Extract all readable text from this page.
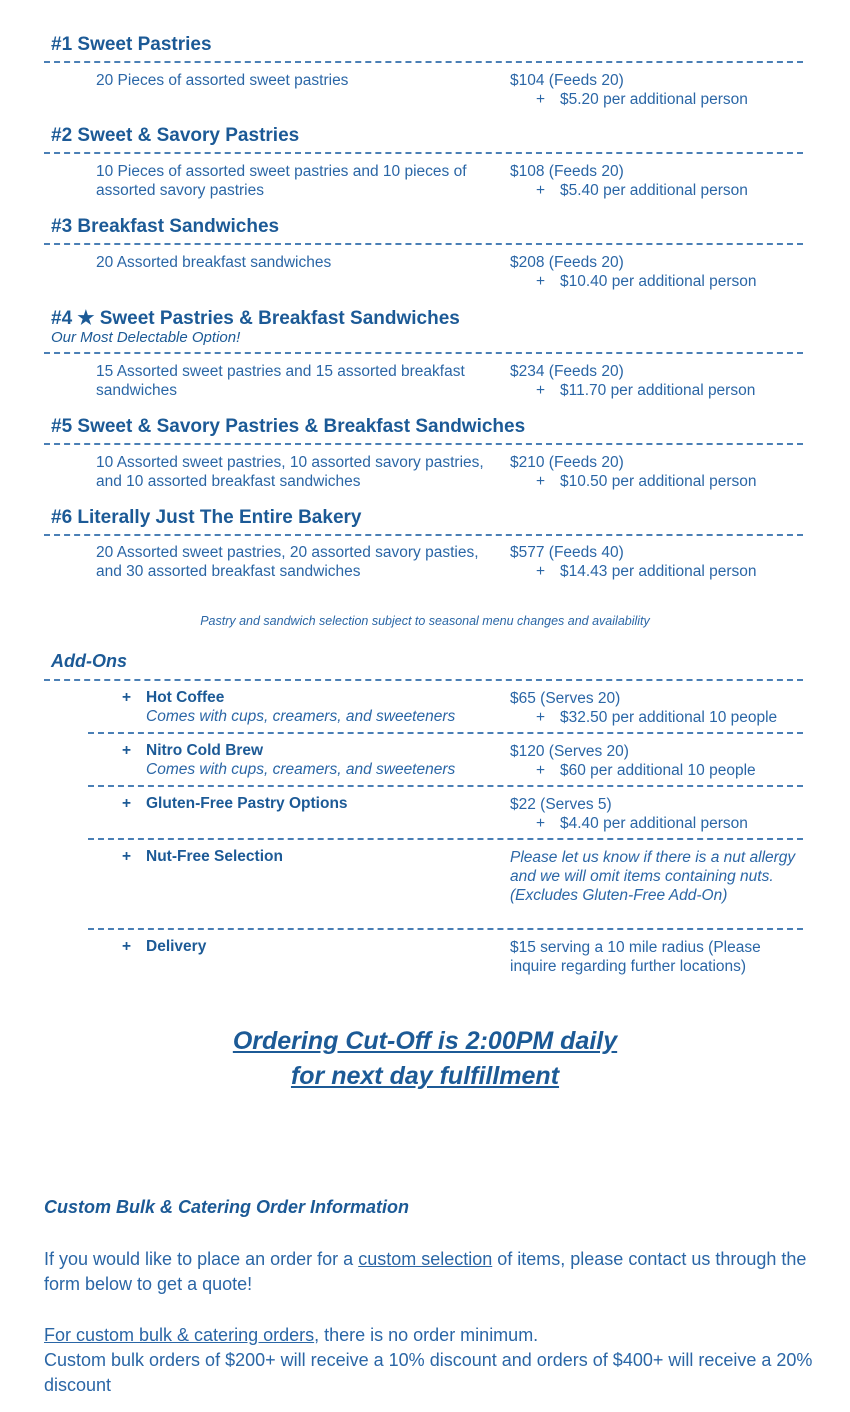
#1 Sweet Pastries
20 Pieces of assorted sweet pastries	$104 (Feeds 20)
+ $5.20 per additional person
#2 Sweet & Savory Pastries
10 Pieces of assorted sweet pastries and 10 pieces of assorted savory pastries
$108 (Feeds 20)
+ $5.40 per additional person
#3 Breakfast Sandwiches
20 Assorted breakfast sandwiches	$208 (Feeds 20)
+ $10.40 per additional person
#4 ★ Sweet Pastries & Breakfast Sandwiches
Our Most Delectable Option!
15 Assorted sweet pastries and 15 assorted breakfast sandwiches
$234 (Feeds 20)
+ $11.70 per additional person
#5 Sweet & Savory Pastries & Breakfast Sandwiches
10 Assorted sweet pastries, 10 assorted savory pastries, and 10 assorted breakfast sandwiches
$210 (Feeds 20)
+ $10.50 per additional person
#6 Literally Just The Entire Bakery
20 Assorted sweet pastries, 20 assorted savory pasties, and 30 assorted breakfast sandwiches
$577 (Feeds 40)
+ $14.43 per additional person
Pastry and sandwich selection subject to seasonal menu changes and availability
Add-Ons
+ Hot Coffee
Comes with cups, creamers, and sweeteners
$65 (Serves 20)
+ $32.50 per additional 10 people
+ Nitro Cold Brew
Comes with cups, creamers, and sweeteners
$120 (Serves 20)
+ $60 per additional 10 people
+ Gluten-Free Pastry Options	$22 (Serves 5)
+ $4.40 per additional person
+ Nut-Free Selection	Please let us know if there is a nut allergy and we will omit items containing nuts. (Excludes Gluten-Free Add-On)
+ Delivery	$15 serving a 10 mile radius (Please inquire regarding further locations)
Ordering Cut-Off is 2:00PM daily
for next day fulfillment
Custom Bulk & Catering Order Information
If you would like to place an order for a custom selection of items, please contact us through the form below to get a quote!
For custom bulk & catering orders, there is no order minimum.
Custom bulk orders of $200+ will receive a 10% discount and orders of $400+ will receive a 20% discount
